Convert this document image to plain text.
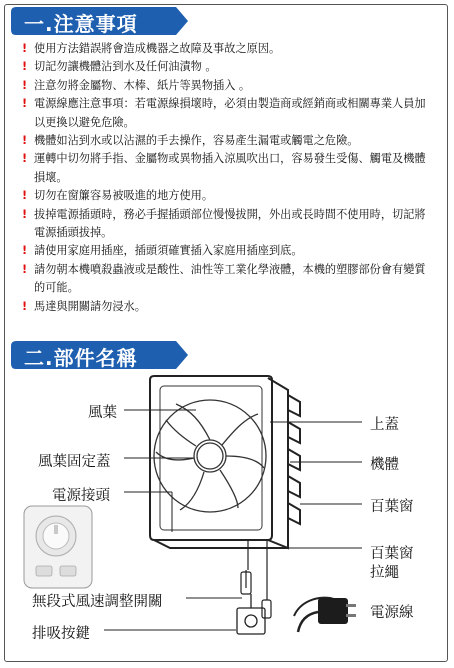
一.注意事項

! 使用方法錯誤將會造成機器之故障及事故之原因。

! 切記勿讓機體沾到水及任何油漬物 。

! 注意勿將金屬物、木棒、紙片等異物插入 。

! 電源線應注意事項：若電源線損壞時，必須由製造商或經銷商或相關專業人員加以更換以避免危險。

! 機體如沾到水或以沾濕的手去操作，容易產生漏電或觸電之危險。

! 運轉中切勿將手指、金屬物或異物插入涼風吹出口，容易發生受傷、觸電及機體損壞。

! 切勿在窗簾容易被吸進的地方使用。

! 拔掉電源插頭時，務必手握插頭部位慢慢拔開，外出或長時間不使用時，切記將電源插頭拔掉。

! 請使用家庭用插座，插頭須確實插入家庭用插座到底。

! 請勿朝本機噴殺蟲液或是酸性、油性等工業化學液體，本機的塑膠部份會有變質的可能。

! 馬達與開關請勿浸水。

二.部件名稱
風葉
風葉固定蓋
電源接頭
無段式風速調整開關
排吸按鍵
上蓋
機體
百葉窗
百葉窗拉繩
電源線
